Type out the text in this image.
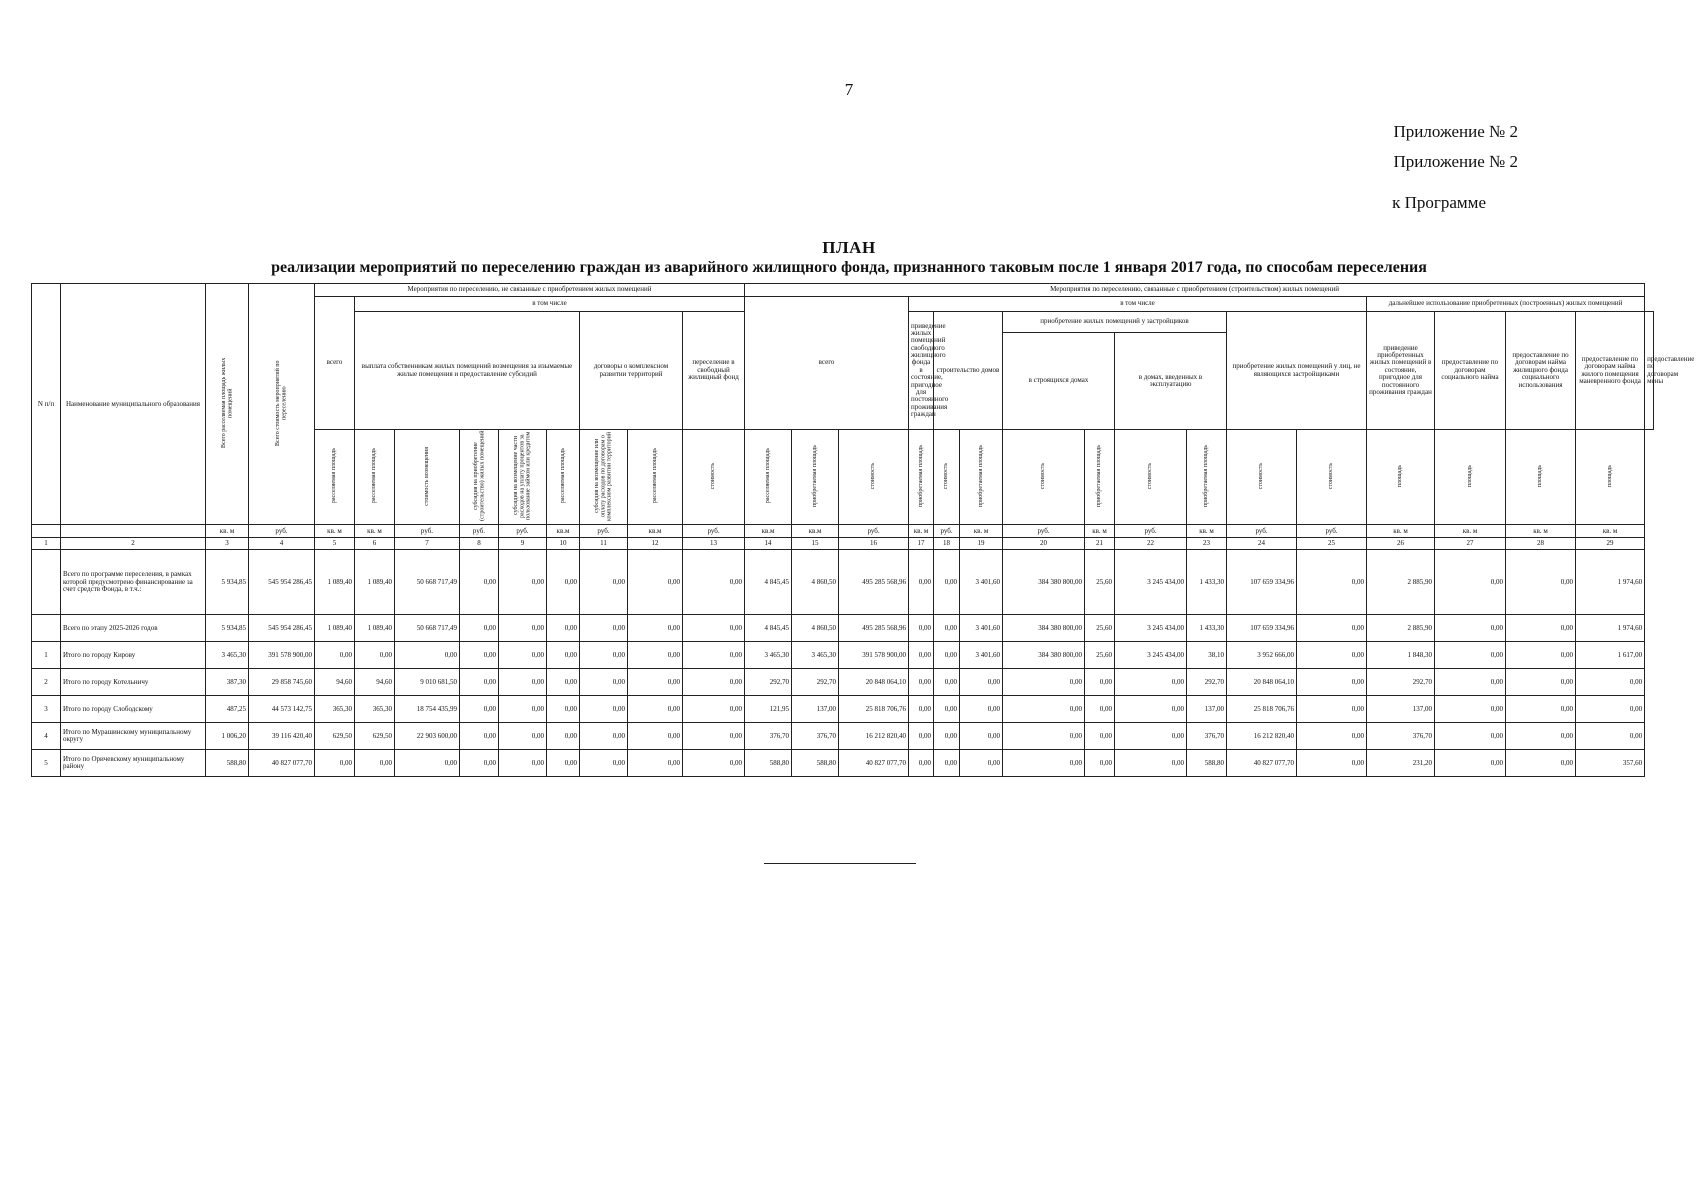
7
Приложение № 2
Приложение № 2
к Программе
ПЛАН
реализации мероприятий по переселению граждан из аварийного жилищного фонда, признанного таковым после 1 января 2017 года, по способам переселения
N п/п	Наименование муниципального образования	Всего расселяемая площадь жилых помещений	Всего стоимость мероприятий по переселению	Мероприятия по переселению, не связанные с приобретением жилых помещений									Мероприятия по переселению, связанные с приобретением (строительством) жилых помещений																
				всего	в том числе								всего			в том числе									дальнейшее использование приобретенных (построенных) жилых помещений				
					выплата собственникам жилых помещений возмещения за изымаемые жилые помещения и предоставление субсидий					договоры о комплексном развитии территорий		переселение в свободный жилищный фонд				приведение жилых помещений свободного жилищного фонда в состояние, пригодное для постоянного проживания граждан	строительство домов		приобретение жилых помещений у застройщиков				приобретение жилых помещений у лиц, не являющихся застройщиками		приведение приобретенных жилых помещений в состояние, пригодное для постоянного проживания граждан	предоставление по договорам социального найма	предоставление по договорам найма жилищного фонда социального использования	предоставление по договорам найма жилого помещения маневренного фонда	предоставление по договорам мены
																			в строящихся домах		в домах, введенных в эксплуатацию								
				расселяемая площадь	расселяемая площадь	стоимость возмещения	субсидия на приобретение (строительство) жилых помещений	субсидия на возмещение части расходов на уплату процентов за пользование займом или кредитом	расселяемая площадь	субсидия на возмещение или оплату расходов по договорам о комплексном развитии территорий	расселяемая площадь	стоимость	расселяемая площадь	приобретаемая площадь	стоимость	приобретаемая площадь	стоимость	приобретаемая площадь	стоимость	приобретаемая площадь	стоимость	приобретаемая площадь	стоимость	стоимость	площадь	площадь	площадь	площадь	
		кв. м	руб.	кв. м	кв. м	руб.	руб.	руб.	кв.м	руб.	кв.м	руб.	кв.м	кв.м	руб.	кв. м	руб.	кв. м	руб.	кв. м	руб.	кв. м	руб.	руб.	кв. м	кв. м	кв. м	кв. м	
1	2	3	4	5	6	7	8	9	10	11	12	13	14	15	16	17	18	19	20	21	22	23	24	25	26	27	28	29	
	Всего по программе переселения, в рамках которой предусмотрено финансирование за счет средств Фонда, в т.ч.:	5 934,85	545 954 286,45	1 089,40	1 089,40	50 668 717,49	0,00	0,00	0,00	0,00	0,00	0,00	4 845,45	4 860,50	495 285 568,96	0,00	0,00	3 401,60	384 380 800,00	25,60	3 245 434,00	1 433,30	107 659 334,96	0,00	2 885,90	0,00	0,00	1 974,60	
	Всего по этапу 2025-2026 годов	5 934,85	545 954 286,45	1 089,40	1 089,40	50 668 717,49	0,00	0,00	0,00	0,00	0,00	0,00	4 845,45	4 860,50	495 285 568,96	0,00	0,00	3 401,60	384 380 800,00	25,60	3 245 434,00	1 433,30	107 659 334,96	0,00	2 885,90	0,00	0,00	1 974,60	
1	Итого по городу Кирову	3 465,30	391 578 900,00	0,00	0,00	0,00	0,00	0,00	0,00	0,00	0,00	0,00	3 465,30	3 465,30	391 578 900,00	0,00	0,00	3 401,60	384 380 800,00	25,60	3 245 434,00	38,10	3 952 666,00	0,00	1 848,30	0,00	0,00	1 617,00	
2	Итого по городу Котельничу	387,30	29 858 745,60	94,60	94,60	9 010 681,50	0,00	0,00	0,00	0,00	0,00	0,00	292,70	292,70	20 848 064,10	0,00	0,00	0,00	0,00	0,00	0,00	292,70	20 848 064,10	0,00	292,70	0,00	0,00	0,00	
3	Итого по городу Слободскому	487,25	44 573 142,75	365,30	365,30	18 754 435,99	0,00	0,00	0,00	0,00	0,00	0,00	121,95	137,00	25 818 706,76	0,00	0,00	0,00	0,00	0,00	0,00	137,00	25 818 706,76	0,00	137,00	0,00	0,00	0,00	
4	Итого по Мурашинскому муниципальному округу	1 006,20	39 116 420,40	629,50	629,50	22 903 600,00	0,00	0,00	0,00	0,00	0,00	0,00	376,70	376,70	16 212 820,40	0,00	0,00	0,00	0,00	0,00	0,00	376,70	16 212 820,40	0,00	376,70	0,00	0,00	0,00	
5	Итого по Оричевскому муниципальному району	588,80	40 827 077,70	0,00	0,00	0,00	0,00	0,00	0,00	0,00	0,00	0,00	588,80	588,80	40 827 077,70	0,00	0,00	0,00	0,00	0,00	0,00	588,80	40 827 077,70	0,00	231,20	0,00	0,00	357,60	
